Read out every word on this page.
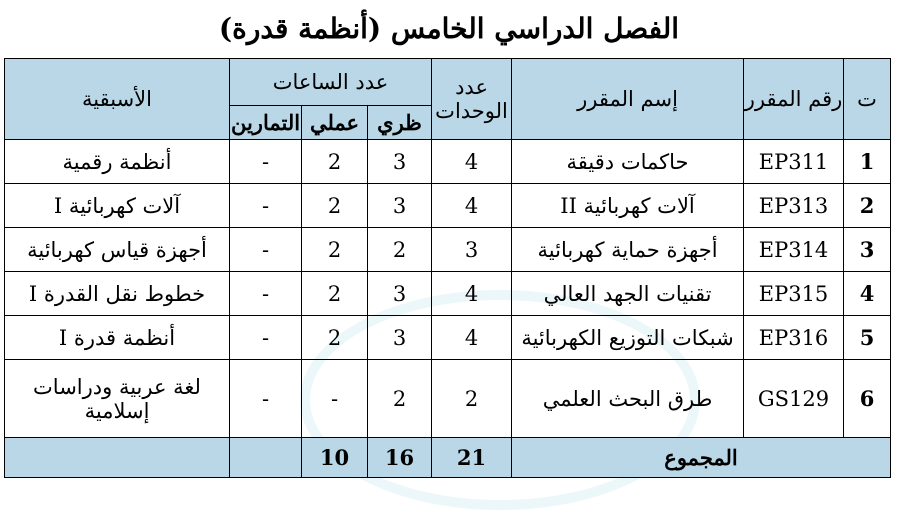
الفصل الدراسي الخامس (أنظمة قدرة)
ت	رقم المقرر	إسم المقرر	عدد الوحدات	عدد الساعات			الأسبقية
				ظري	عملي	التمارين	
1	EP311	حاكمات دقيقة	4	3	2	-	أنظمة رقمية
2	EP313	آلات كهربائية II	4	3	2	-	آلات كهربائية I
3	EP314	أجهزة حماية كهربائية	3	2	2	-	أجهزة قياس كهربائية
4	EP315	تقنيات الجهد العالي	4	3	2	-	خطوط نقل القدرة I
5	EP316	شبكات التوزيع الكهربائية	4	3	2	-	أنظمة قدرة I
6	GS129	طرق البحث العلمي	2	2	-	-	لغة عربية ودراسات إسلامية
المجموع			21	16	10		
